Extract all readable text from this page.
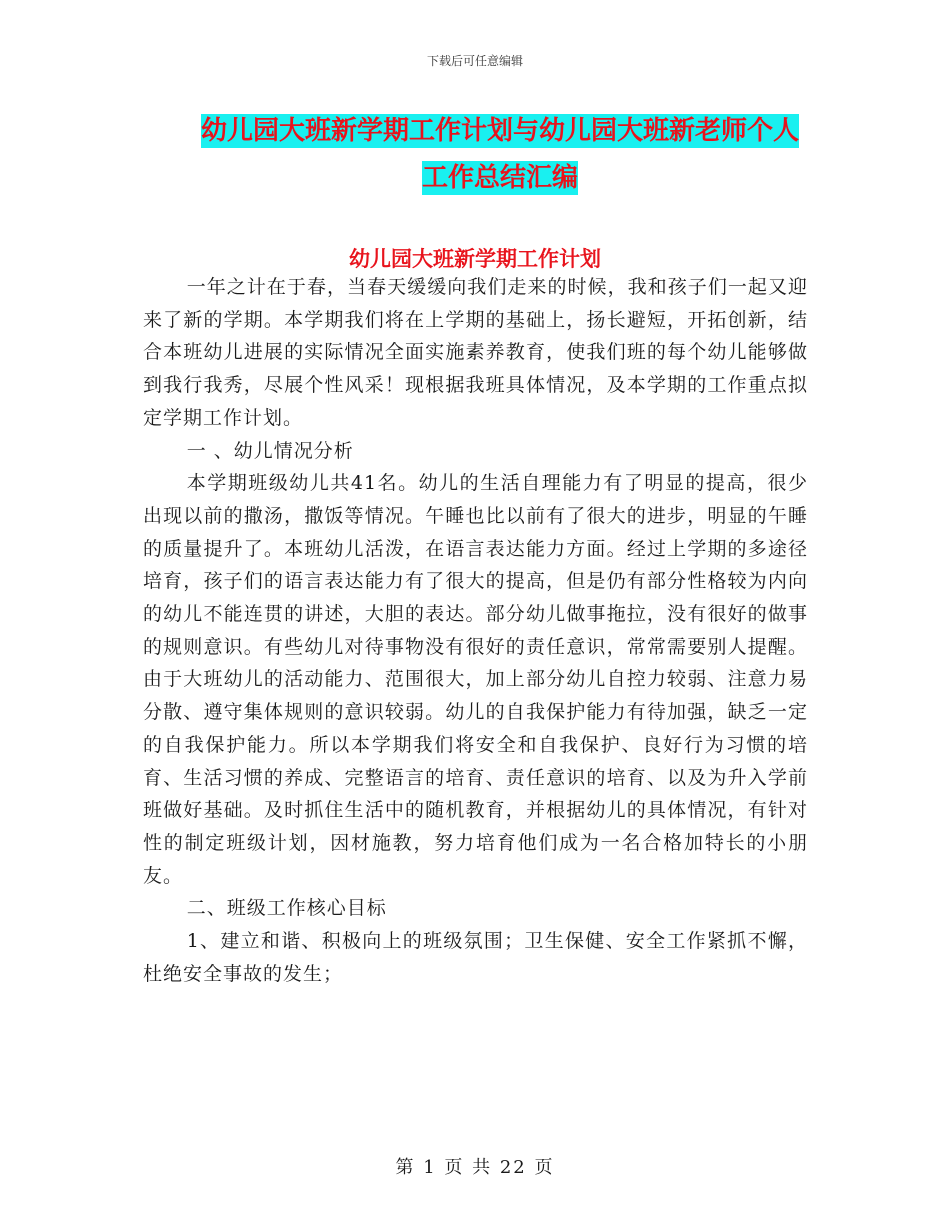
下载后可任意编辑
幼儿园大班新学期工作计划与幼儿园大班新老师个人
工作总结汇编
幼儿园大班新学期工作计划

一年之计在于春，当春天缓缓向我们走来的时候，我和孩子们一起又迎来了新的学期。本学期我们将在上学期的基础上，扬长避短，开拓创新，结合本班幼儿进展的实际情况全面实施素养教育，使我们班的每个幼儿能够做到我行我秀，尽展个性风采！现根据我班具体情况，及本学期的工作重点拟定学期工作计划。

一 、幼儿情况分析

本学期班级幼儿共41名。幼儿的生活自理能力有了明显的提高，很少出现以前的撒汤，撒饭等情况。午睡也比以前有了很大的进步，明显的午睡的质量提升了。本班幼儿活泼，在语言表达能力方面。经过上学期的多途径培育，孩子们的语言表达能力有了很大的提高，但是仍有部分性格较为内向的幼儿不能连贯的讲述，大胆的表达。部分幼儿做事拖拉，没有很好的做事的规则意识。有些幼儿对待事物没有很好的责任意识，常常需要别人提醒。由于大班幼儿的活动能力、范围很大，加上部分幼儿自控力较弱、注意力易分散、遵守集体规则的意识较弱。幼儿的自我保护能力有待加强，缺乏一定的自我保护能力。所以本学期我们将安全和自我保护、良好行为习惯的培育、生活习惯的养成、完整语言的培育、责任意识的培育、以及为升入学前班做好基础。及时抓住生活中的随机教育，并根据幼儿的具体情况，有针对性的制定班级计划，因材施教，努力培育他们成为一名合格加特长的小朋友。

二、班级工作核心目标

1、建立和谐、积极向上的班级氛围；卫生保健、安全工作紧抓不懈，杜绝安全事故的发生；

第 1 页 共 22 页
